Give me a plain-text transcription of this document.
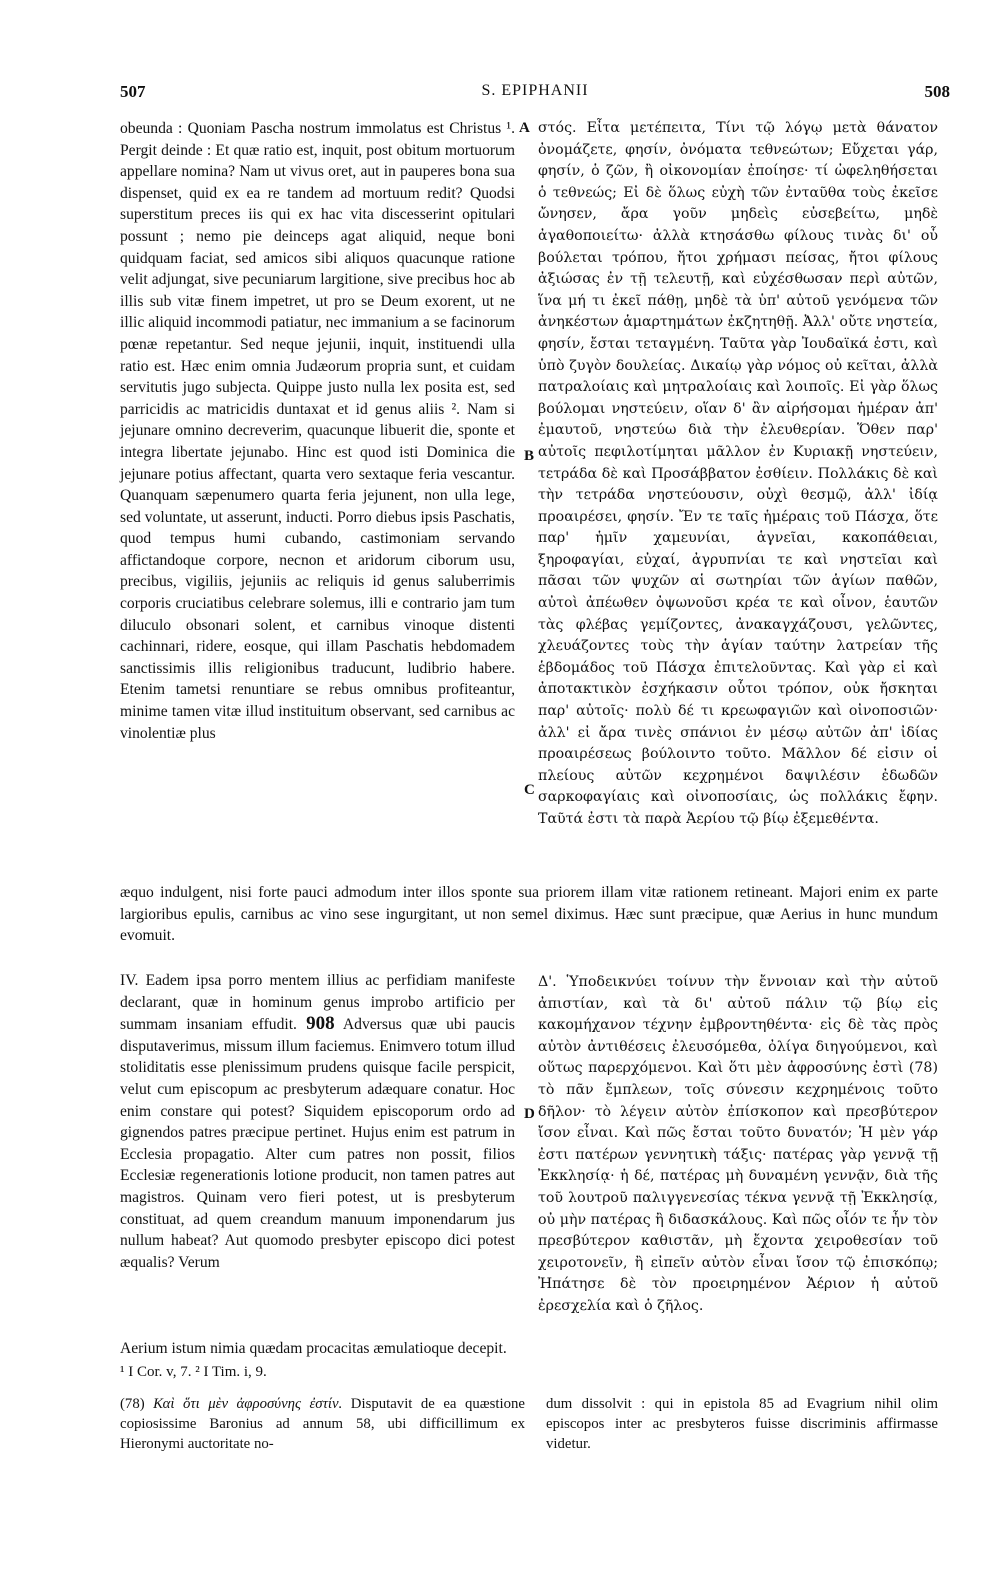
507	S. EPIPHANII	508
obeunda : Quoniam Pascha nostrum immolatus est Christus ¹. Pergit deinde : Et quæ ratio est, inquit, post obitum mortuorum appellare nomina? Nam ut vivus oret, aut in pauperes bona sua dispenset, quid ex ea re tandem ad mortuum redit? Quodsi superstitum preces iis qui ex hac vita discesserint opitulari possunt ; nemo pie deinceps agat aliquid, neque boni quidquam faciat, sed amicos sibi aliquos quacunque ratione velit adjungat, sive pecuniarum largitione, sive precibus hoc ab illis sub vitæ finem impetret, ut pro se Deum exorent, ut ne illic aliquid incommodi patiatur, nec immanium a se facinorum pœnæ repetantur. Sed neque jejunii, inquit, instituendi ulla ratio est. Hæc enim omnia Judæorum propria sunt, et cuidam servitutis jugo subjecta. Quippe justo nulla lex posita est, sed parricidis ac matricidis duntaxat et id genus aliis ². Nam si jejunare omnino decreverim, quacunque libuerit die, sponte et integra libertate jejunabo. Hinc est quod isti Dominica die jejunare potius affectant, quarta vero sextaque feria vescantur. Quanquam sæpenumero quarta feria jejunent, non ulla lege, sed voluntate, ut asserunt, inducti. Porro diebus ipsis Paschatis, quod tempus humi cubando, castimoniam servando affictandoque corpore, necnon et aridorum ciborum usu, precibus, vigiliis, jejuniis ac reliquis id genus saluberrimis corporis cruciatibus celebrare solemus, illi e contrario jam tum diluculo obsonari solent, et carnibus vinoque distenti cachinnari, ridere, eosque, qui illam Paschatis hebdomadem sanctissimis illis religionibus traducunt, ludibrio habere. Etenim tametsi renuntiare se rebus omnibus profiteantur, minime tamen vitæ illud instituitum observant, sed carnibus ac vinolentiæ plus
A
B
C
D
στός. Εἶτα μετέπειτα, Τίνι τῷ λόγῳ μετὰ θάνατον ὀνομάζετε, φησίν, ὀνόματα τεθνεώτων; Εὔχεται γάρ, φησίν, ὁ ζῶν, ἢ οἰκονομίαν ἐποίησε· τί ὠφεληθήσεται ὁ τεθνεώς; Εἰ δὲ ὅλως εὐχὴ τῶν ἐνταῦθα τοὺς ἐκεῖσε ὤνησεν, ἄρα γοῦν μηδεὶς εὐσεβείτω, μηδὲ ἀγαθοποιείτω· ἀλλὰ κτησάσθω φίλους τινὰς δι' οὗ βούλεται τρόπου, ἤτοι χρήμασι πείσας, ἤτοι φίλους ἀξιώσας ἐν τῇ τελευτῇ, καὶ εὐχέσθωσαν περὶ αὐτῶν, ἵνα μή τι ἐκεῖ πάθῃ, μηδὲ τὰ ὑπ' αὐτοῦ γενόμενα τῶν ἀνηκέστων ἁμαρτημάτων ἐκζητηθῇ. Ἀλλ' οὔτε νηστεία, φησίν, ἔσται τεταγμένη. Ταῦτα γὰρ Ἰουδαϊκά ἐστι, καὶ ὑπὸ ζυγὸν δουλείας. Δικαίῳ γὰρ νόμος οὐ κεῖται, ἀλλὰ πατραλοίαις καὶ μητραλοίαις καὶ λοιποῖς. Εἰ γὰρ ὅλως βούλομαι νηστεύειν, οἵαν δ' ἂν αἱρήσομαι ἡμέραν ἀπ' ἐμαυτοῦ, νηστεύω διὰ τὴν ἐλευθερίαν. Ὅθεν παρ' αὐτοῖς πεφιλοτίμηται μᾶλλον ἐν Κυριακῇ νηστεύειν, τετράδα δὲ καὶ Προσάββατον ἐσθίειν. Πολλάκις δὲ καὶ τὴν τετράδα νηστεύουσιν, οὐχὶ θεσμῷ, ἀλλ' ἰδίᾳ προαιρέσει, φησίν. Ἔν τε ταῖς ἡμέραις τοῦ Πάσχα, ὅτε παρ' ἡμῖν χαμευνίαι, ἁγνεῖαι, κακοπάθειαι, ξηροφαγίαι, εὐχαί, ἀγρυπνίαι τε καὶ νηστεῖαι καὶ πᾶσαι τῶν ψυχῶν αἱ σωτηρίαι τῶν ἁγίων παθῶν, αὐτοὶ ἀπέωθεν ὀψωνοῦσι κρέα τε καὶ οἶνον, ἑαυτῶν τὰς φλέβας γεμίζοντες, ἀνακαγχάζουσι, γελῶντες, χλευάζοντες τοὺς τὴν ἁγίαν ταύτην λατρείαν τῆς ἑβδομάδος τοῦ Πάσχα ἐπιτελοῦντας. Καὶ γὰρ εἰ καὶ ἀποτακτικὸν ἐσχήκασιν οὗτοι τρόπον, οὐκ ἤσκηται παρ' αὐτοῖς· πολὺ δέ τι κρεωφαγιῶν καὶ οἰνοποσιῶν· ἀλλ' εἰ ἄρα τινὲς σπάνιοι ἐν μέσῳ αὐτῶν ἀπ' ἰδίας προαιρέσεως βούλοιντο τοῦτο. Μᾶλλον δέ εἰσιν οἱ πλείους αὐτῶν κεχρημένοι δαψιλέσιν ἐδωδῶν σαρκοφαγίαις καὶ οἰνοποσίαις, ὡς πολλάκις ἔφην. Ταῦτά ἐστι τὰ παρὰ Ἀερίου τῷ βίῳ ἐξεμεθέντα.
æquo indulgent, nisi forte pauci admodum inter illos sponte sua priorem illam vitæ rationem retineant. Majori enim ex parte largioribus epulis, carnibus ac vino sese ingurgitant, ut non semel diximus. Hæc sunt præcipue, quæ Aerius in hunc mundum evomuit.
IV. Eadem ipsa porro mentem illius ac perfidiam manifeste declarant, quæ in hominum genus improbo artificio per summam insaniam effudit. 908 Adversus quæ ubi paucis disputaverimus, missum illum faciemus. Enimvero totum illud stoliditatis esse plenissimum prudens quisque facile perspicit, velut cum episcopum ac presbyterum adæquare conatur. Hoc enim constare qui potest? Siquidem episcoporum ordo ad gignendos patres præcipue pertinet. Hujus enim est patrum in Ecclesia propagatio. Alter cum patres non possit, filios Ecclesiæ regenerationis lotione producit, non tamen patres aut magistros. Quinam vero fieri potest, ut is presbyterum constituat, ad quem creandum manuum imponendarum jus nullum habeat? Aut quomodo presbyter episcopo dici potest æqualis? Verum
Δ'. Ὑποδεικνύει τοίνυν τὴν ἔννοιαν καὶ τὴν αὐτοῦ ἀπιστίαν, καὶ τὰ δι' αὐτοῦ πάλιν τῷ βίῳ εἰς κακομήχανον τέχνην ἐμβροντηθέντα· εἰς δὲ τὰς πρὸς αὐτὸν ἀντιθέσεις ἐλευσόμεθα, ὀλίγα διηγούμενοι, καὶ οὕτως παρερχόμενοι. Καὶ ὅτι μὲν ἀφροσύνης ἐστὶ (78) τὸ πᾶν ἔμπλεων, τοῖς σύνεσιν κεχρημένοις τοῦτο δῆλον· τὸ λέγειν αὐτὸν ἐπίσκοπον καὶ πρεσβύτερον ἴσον εἶναι. Καὶ πῶς ἔσται τοῦτο δυνατόν; Ἡ μὲν γάρ ἐστι πατέρων γεννητικὴ τάξις· πατέρας γὰρ γεννᾷ τῇ Ἐκκλησίᾳ· ἡ δέ, πατέρας μὴ δυναμένη γεννᾷν, διὰ τῆς τοῦ λουτροῦ παλιγγενεσίας τέκνα γεννᾷ τῇ Ἐκκλησίᾳ, οὐ μὴν πατέρας ἢ διδασκάλους. Καὶ πῶς οἷόν τε ἦν τὸν πρεσβύτερον καθιστᾶν, μὴ ἔχοντα χειροθεσίαν τοῦ χειροτονεῖν, ἢ εἰπεῖν αὐτὸν εἶναι ἴσον τῷ ἐπισκόπῳ; Ἠπάτησε δὲ τὸν προειρημένον Ἀέριον ἡ αὐτοῦ ἐρεσχελία καὶ ὁ ζῆλος.
Aerium istum nimia quædam procacitas æmulatioque decepit.
¹ I Cor. v, 7. ² I Tim. i, 9.
(78) Καὶ ὅτι μὲν ἀφροσύνης ἐστίν. Disputavit de ea quæstione copiosissime Baronius ad annum 58, ubi difficillimum ex Hieronymi auctoritate no-
dum dissolvit : qui in epistola 85 ad Evagrium nihil olim episcopos inter ac presbyteros fuisse discriminis affirmasse videtur.
